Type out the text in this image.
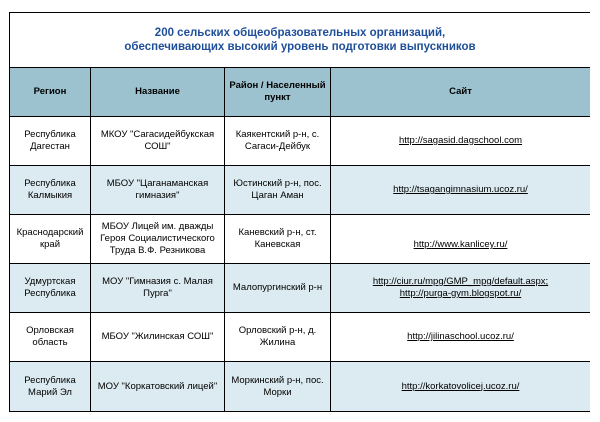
200 сельских общеобразовательных организаций,
обеспечивающих высокий уровень подготовки выпускников			

Регион	Название	Район / Населенный пункт	Сайт
Республика Дагестан	МКОУ "Сагасидейбукская СОШ"	Каякентский р-н, с. Сагаси-Дейбук	http://sagasid.dagschool.com

Республика Калмыкия	МБОУ "Цаганаманская гимназия"	Юстинский р-н, пос. Цаган Аман	http://tsagangimnasium.ucoz.ru/

Краснодарский край	МБОУ Лицей им. дважды Героя Социалистического Труда В.Ф. Резникова	Каневский р-н, ст. Каневская	http://www.kanlicey.ru/

Удмуртская Республика	МОУ "Гимназия с. Малая Пурга"	Малопургинский р-н	http://ciur.ru/mpg/GMP_mpg/default.aspx;
http://purga-gym.blogspot.ru/

Орловская область	МБОУ "Жилинская СОШ"	Орловский р-н, д. Жилина	http://jilinaschool.ucoz.ru/

Республика Марий Эл	МОУ "Коркатовский лицей"	Моркинский р-н, пос. Морки	http://korkatovolicej.ucoz.ru/
